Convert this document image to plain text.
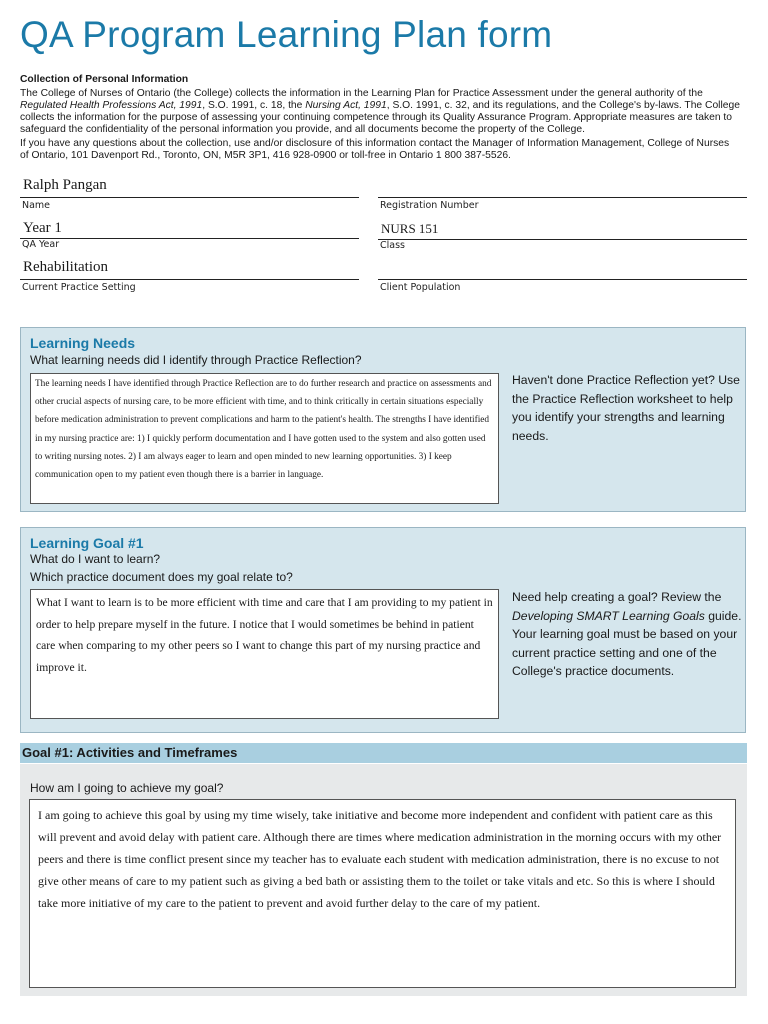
QA Program Learning Plan form
Collection of Personal Information

The College of Nurses of Ontario (the College) collects the information in the Learning Plan for Practice Assessment under the general authority of the Regulated Health Professions Act, 1991, S.O. 1991, c. 18, the Nursing Act, 1991, S.O. 1991, c. 32, and its regulations, and the College's by-laws. The College collects the information for the purpose of assessing your continuing competence through its Quality Assurance Program. Appropriate measures are taken to safeguard the confidentiality of the personal information you provide, and all documents become the property of the College.

If you have any questions about the collection, use and/or disclosure of this information contact the Manager of Information Management, College of Nurses of Ontario, 101 Davenport Rd., Toronto, ON, M5R 3P1, 416 928-0900 or toll-free in Ontario 1 800 387-5526.

Ralph Pangan
Name	Registration Number
Year 1
QA Year
NURS 151
Class
Rehabilitation
Current Practice Setting	Client Population
Learning Needs
What learning needs did I identify through Practice Reflection?
The learning needs I have identified through Practice Reflection are to do further research and practice on assessments and other crucial aspects of nursing care, to be more efficient with time, and to think critically in certain situations especially before medication administration to prevent complications and harm to the patient's health. The strengths I have identified in my nursing practice are: 1) I quickly perform documentation and I have gotten used to the system and also gotten used to writing nursing notes. 2) I am always eager to learn and open minded to new learning opportunities. 3) I keep communication open to my patient even though there is a barrier in language.

Haven't done Practice Reflection yet? Use the Practice Reflection worksheet to help you identify your strengths and learning needs.

Learning Goal #1
What do I want to learn?
Which practice document does my goal relate to?
What I want to learn is to be more efficient with time and care that I am providing to my patient in order to help prepare myself in the future. I notice that I would sometimes be behind in patient care when comparing to my other peers so I want to change this part of my nursing practice and improve it.

Need help creating a goal? Review the Developing SMART Learning Goals guide.

Your learning goal must be based on your current practice setting and one of the College's practice documents.

Goal #1: Activities and Timeframes
How am I going to achieve my goal?
I am going to achieve this goal by using my time wisely, take initiative and become more independent and confident with patient care as this will prevent and avoid delay with patient care. Although there are times where medication administration in the morning occurs with my other peers and there is time conflict present since my teacher has to evaluate each student with medication administration, there is no excuse to not give other means of care to my patient such as giving a bed bath or assisting them to the toilet or take vitals and etc. So this is where I should take more initiative of my care to the patient to prevent and avoid further delay to the care of my patient.
